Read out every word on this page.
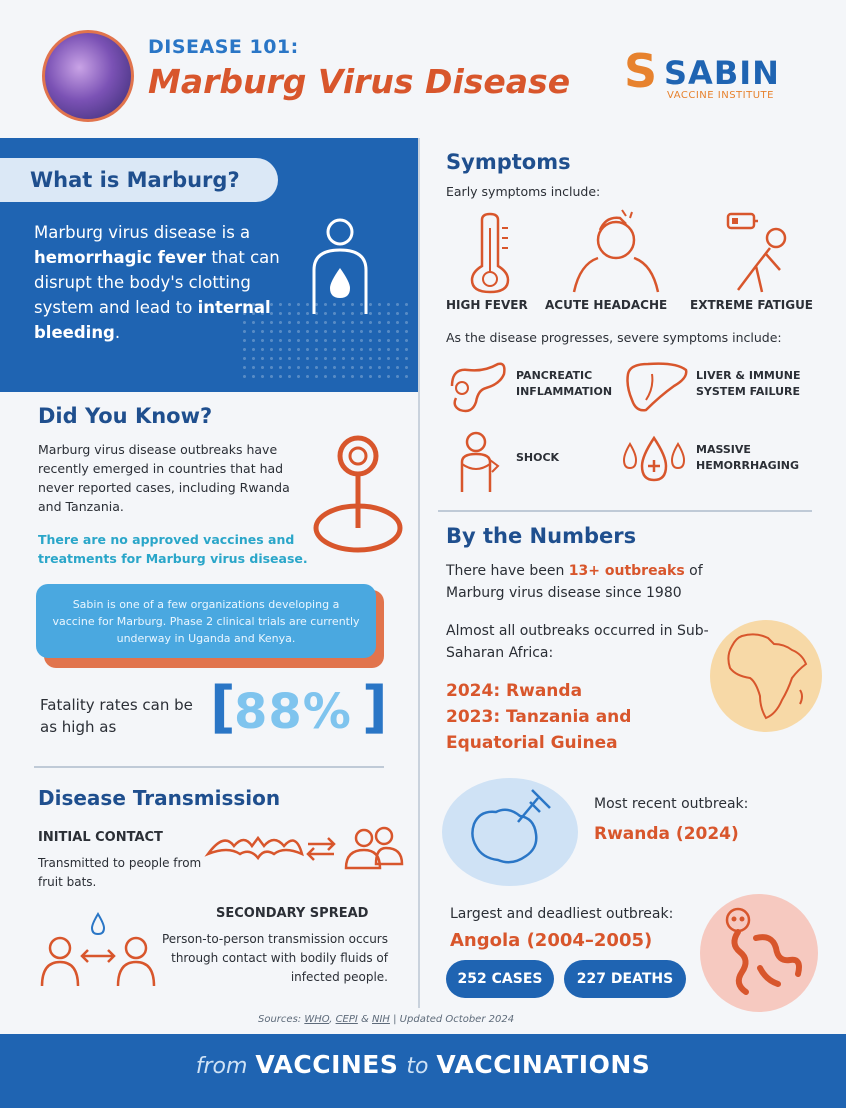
DISEASE 101:
Marburg Virus Disease S SABIN
VACCINE INSTITUTE
What is Marburg?
Marburg virus disease is a hemorrhagic fever that can disrupt the body's clotting system and lead to internal bleeding.
Did You Know?
Marburg virus disease outbreaks have recently emerged in countries that had never reported cases, including Rwanda and Tanzania.
There are no approved vaccines and treatments for Marburg virus disease.

Sabin is one of a few organizations developing a vaccine for Marburg. Phase 2 clinical trials are currently underway in Uganda and Kenya.

Fatality rates can be as high as	[
88% ]
Disease Transmission
INITIAL CONTACT
Transmitted to people from fruit bats.
SECONDARY SPREAD
Person-to-person transmission occurs through contact with bodily fluids of infected people.
Symptoms
Early symptoms include:
HIGH FEVER ACUTE HEADACHE EXTREME FATIGUE
As the disease progresses, severe symptoms include:
PANCREATIC
INFLAMMATION
LIVER & IMMUNE
SYSTEM FAILURE
SHOCK
MASSIVE
HEMORRHAGING
By the Numbers
There have been 13+ outbreaks of Marburg virus disease since 1980
Almost all outbreaks occurred in Sub-Saharan Africa:
2024: Rwanda
2023: Tanzania and
Equatorial Guinea
Most recent outbreak:
Rwanda (2024)
Largest and deadliest outbreak:
Angola (2004–2005)
252 CASES	227 DEATHS
Sources: WHO, CEPI & NIH | Updated October 2024
from VACCINES to VACCINATIONS
